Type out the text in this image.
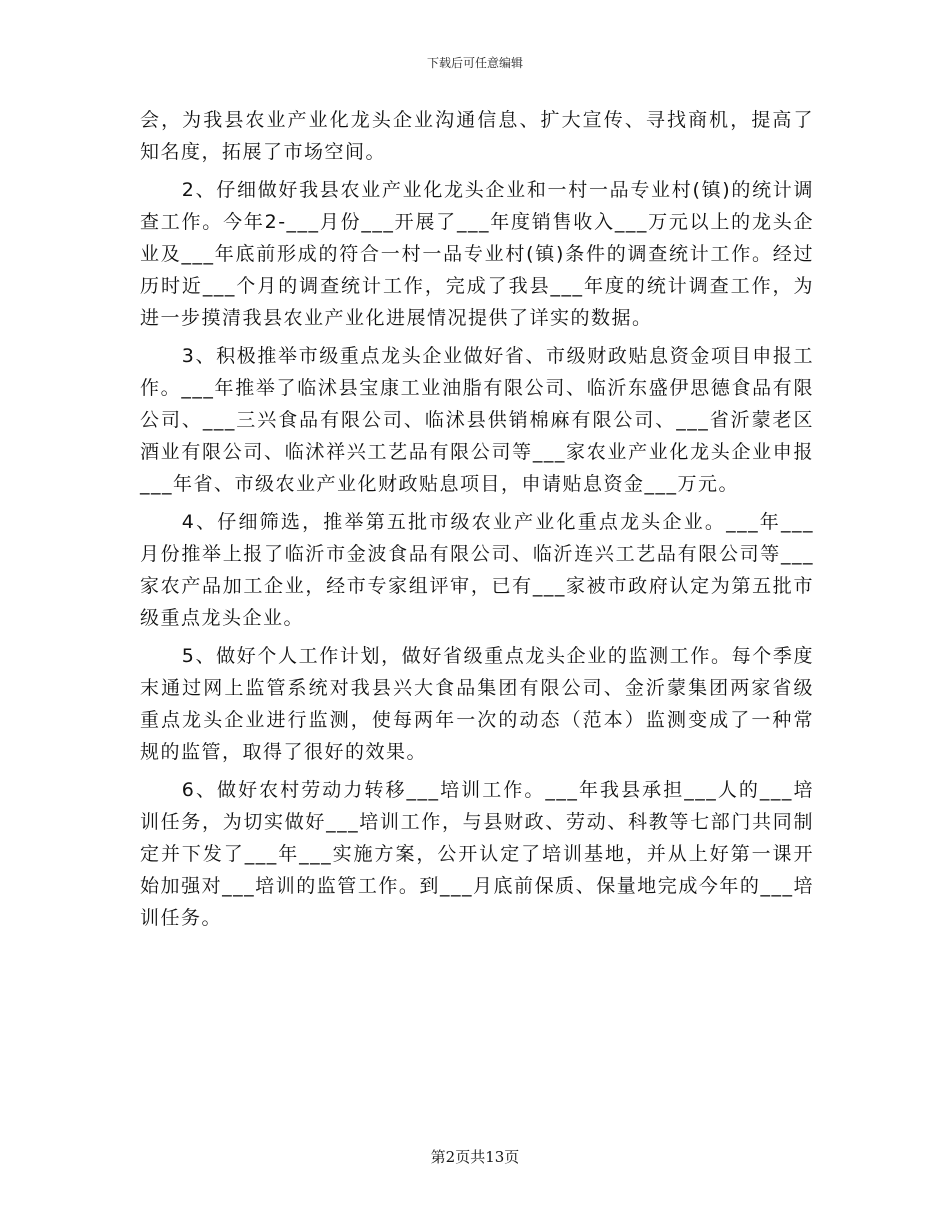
下载后可任意编辑

会，为我县农业产业化龙头企业沟通信息、扩大宣传、寻找商机，提高了知名度，拓展了市场空间。

2、仔细做好我县农业产业化龙头企业和一村一品专业村(镇)的统计调查工作。今年2-___月份___开展了___年度销售收入___万元以上的龙头企业及___年底前形成的符合一村一品专业村(镇)条件的调查统计工作。经过历时近___个月的调查统计工作，完成了我县___年度的统计调查工作，为进一步摸清我县农业产业化进展情况提供了详实的数据。

3、积极推举市级重点龙头企业做好省、市级财政贴息资金项目申报工作。___年推举了临沭县宝康工业油脂有限公司、临沂东盛伊思德食品有限公司、___三兴食品有限公司、临沭县供销棉麻有限公司、___省沂蒙老区酒业有限公司、临沭祥兴工艺品有限公司等___家农业产业化龙头企业申报___年省、市级农业产业化财政贴息项目，申请贴息资金___万元。

4、仔细筛选，推举第五批市级农业产业化重点龙头企业。___年___月份推举上报了临沂市金波食品有限公司、临沂连兴工艺品有限公司等___家农产品加工企业，经市专家组评审，已有___家被市政府认定为第五批市级重点龙头企业。

5、做好个人工作计划，做好省级重点龙头企业的监测工作。每个季度末通过网上监管系统对我县兴大食品集团有限公司、金沂蒙集团两家省级重点龙头企业进行监测，使每两年一次的动态（范本）监测变成了一种常规的监管，取得了很好的效果。

6、做好农村劳动力转移___培训工作。___年我县承担___人的___培训任务，为切实做好___培训工作，与县财政、劳动、科教等七部门共同制定并下发了___年___实施方案，公开认定了培训基地，并从上好第一课开始加强对___培训的监管工作。到___月底前保质、保量地完成今年的___培训任务。

第2页共13页
